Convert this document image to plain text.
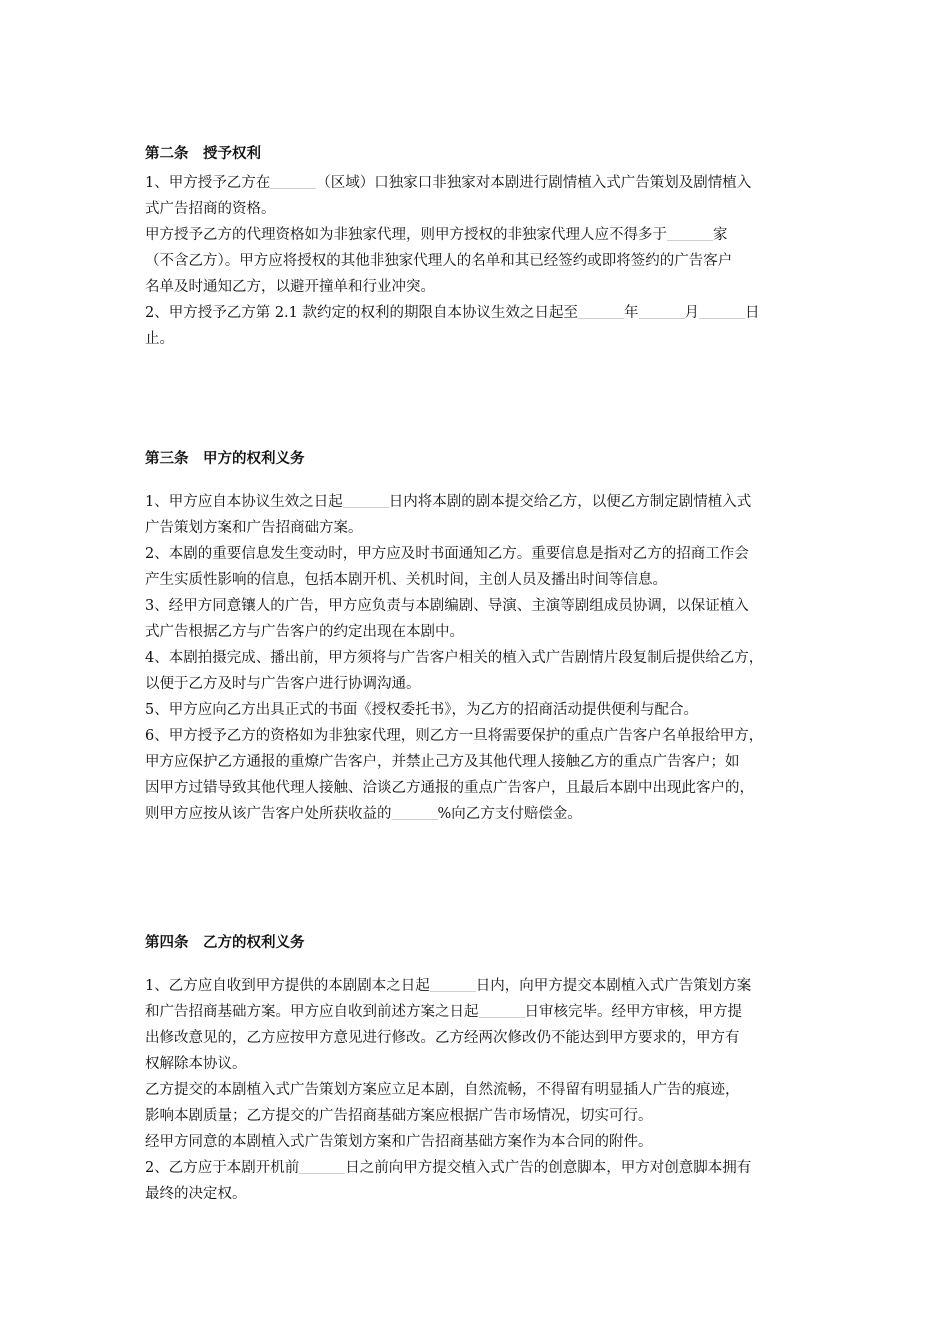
第二条　授予权利
1、甲方授予乙方在	（区域）口独家口非独家对本剧进行剧情植入式广告策划及剧情植入
式广告招商的资格。
甲方授予乙方的代理资格如为非独家代理，则甲方授权的非独家代理人应不得多于	家
（不含乙方）。甲方应将授权的其他非独家代理人的名单和其已经签约或即将签约的广告客户
名单及时通知乙方，以避开撞单和行业冲突。
2、甲方授予乙方第 2.1 款约定的权利的期限自本协议生效之日起至	年	月	日
止。
第三条　甲方的权利义务
1、甲方应自本协议生效之日起	日内将本剧的剧本提交给乙方，以便乙方制定剧情植入式
广告策划方案和广告招商础方案。
2、本剧的重要信息发生变动时，甲方应及时书面通知乙方。重要信息是指对乙方的招商工作会
产生实质性影响的信息，包括本剧开机、关机时间，主创人员及播出时间等信息。
3、经甲方同意镶人的广告，甲方应负责与本剧编剧、导演、主演等剧组成员协调，以保证植入
式广告根据乙方与广告客户的约定出现在本剧中。
4、本剧拍摄完成、播出前，甲方须将与广告客户相关的植入式广告剧情片段复制后提供给乙方，
以便于乙方及时与广告客户进行协调沟通。
5、甲方应向乙方出具正式的书面《授权委托书》，为乙方的招商活动提供便利与配合。
6、甲方授予乙方的资格如为非独家代理，则乙方一旦将需要保护的重点广告客户名单报给甲方，
甲方应保护乙方通报的重燎广告客户，并禁止己方及其他代理人接触乙方的重点广告客户；如
因甲方过错导致其他代理人接触、洽谈乙方通报的重点广告客户，且最后本剧中出现此客户的，
则甲方应按从该广告客户处所获收益的	%向乙方支付赔偿金。
第四条　乙方的权利义务
1、乙方应自收到甲方提供的本剧剧本之日起	日内，向甲方提交本剧植入式广告策划方案
和广告招商基础方案。甲方应自收到前述方案之日起	日审核完毕。经甲方审核，甲方提
出修改意见的，乙方应按甲方意见进行修改。乙方经两次修改仍不能达到甲方要求的，甲方有
权解除本协议。
乙方提交的本剧植入式广告策划方案应立足本剧，自然流畅，不得留有明显插人广告的痕迹，
影响本剧质量；乙方提交的广告招商基础方案应根据广告市场情况，切实可行。
经甲方同意的本剧植入式广告策划方案和广告招商基础方案作为本合同的附件。
2、乙方应于本剧开机前	日之前向甲方提交植入式广告的创意脚本，甲方对创意脚本拥有
最终的决定权。
